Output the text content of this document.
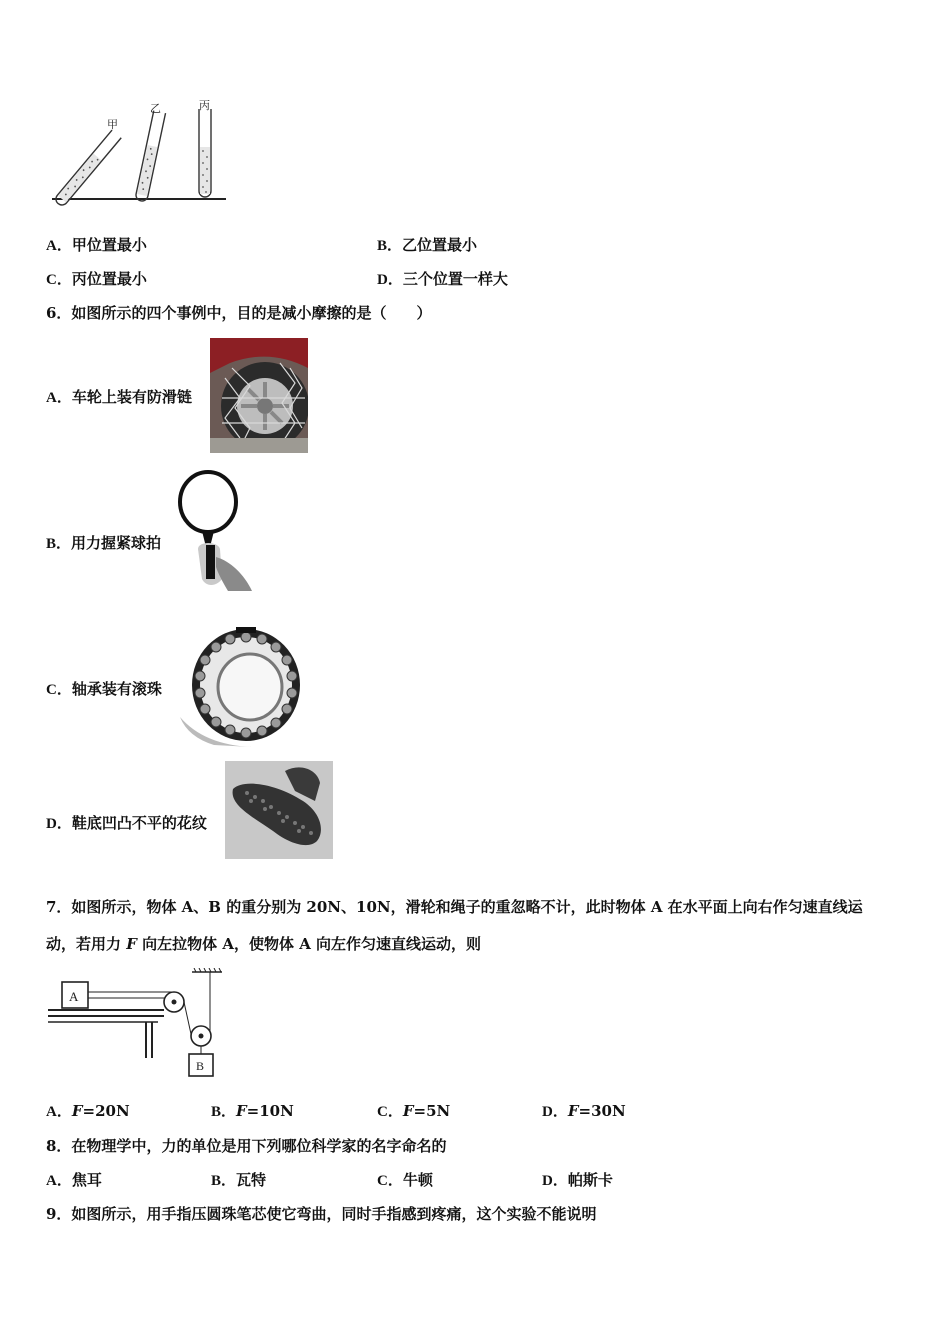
甲
乙	丙
A．甲位置最小	B．乙位置最小
C．丙位置最小	D．三个位置一样大
6．如图所示的四个事例中，目的是减小摩擦的是（　　）
A．车轮上装有防滑链
B．用力握紧球拍
C．轴承装有滚珠
D．鞋底凹凸不平的花纹
7．如图所示，物体 A、B 的重分别为 20N、10N，滑轮和绳子的重忽略不计，此时物体 A 在水平面上向右作匀速直线运
动，若用力 F 向左拉物体 A，使物体 A 向左作匀速直线运动，则
A
B
A．F=20N	B．F=10N	C．F=5N	D．F=30N
8．在物理学中，力的单位是用下列哪位科学家的名字命名的
A．焦耳	B．瓦特	C．牛顿	D．帕斯卡
9．如图所示，用手指压圆珠笔芯使它弯曲，同时手指感到疼痛，这个实验不能说明
